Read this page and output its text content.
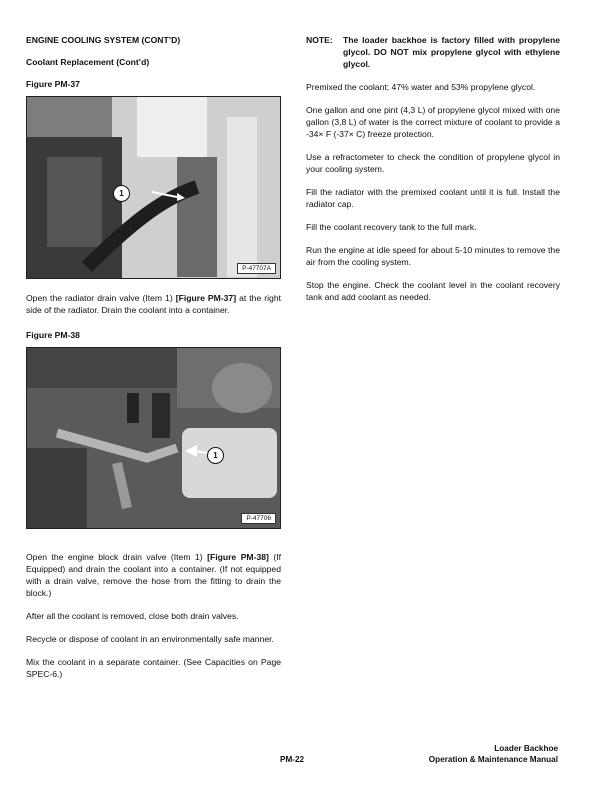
ENGINE COOLING SYSTEM (CONT’D)
Coolant Replacement (Cont’d)
Figure PM-37
1
P-47707A

Open the radiator drain valve (Item 1) [Figure PM-37] at the right side of the radiator. Drain the coolant into a container.

Figure PM-38
1
P-47706

Open the engine block drain valve (Item 1) [Figure PM-38] (If Equipped) and drain the coolant into a container. (If not equipped with a drain valve, remove the hose from the fitting to drain the block.)

After all the coolant is removed, close both drain valves.

Recycle or dispose of coolant in an environmentally safe manner.

Mix the coolant in a separate container. (See Capacities on Page SPEC-6.)

NOTE:	The loader backhoe is factory filled with propylene glycol. DO NOT mix propylene glycol with ethylene glycol.

Premixed the coolant; 47% water and 53% propylene glycol.

One gallon and one pint (4,3 L) of propylene glycol mixed with one gallon (3,8 L) of water is the correct mixture of coolant to provide a -34× F (-37× C) freeze protection.

Use a refractometer to check the condition of propylene glycol in your cooling system.

Fill the radiator with the premixed coolant until it is full. Install the radiator cap.

Fill the coolant recovery tank to the full mark.

Run the engine at idle speed for about 5-10 minutes to remove the air from the cooling system.

Stop the engine. Check the coolant level in the coolant recovery tank and add coolant as needed.

PM-22
Loader Backhoe
Operation & Maintenance Manual
